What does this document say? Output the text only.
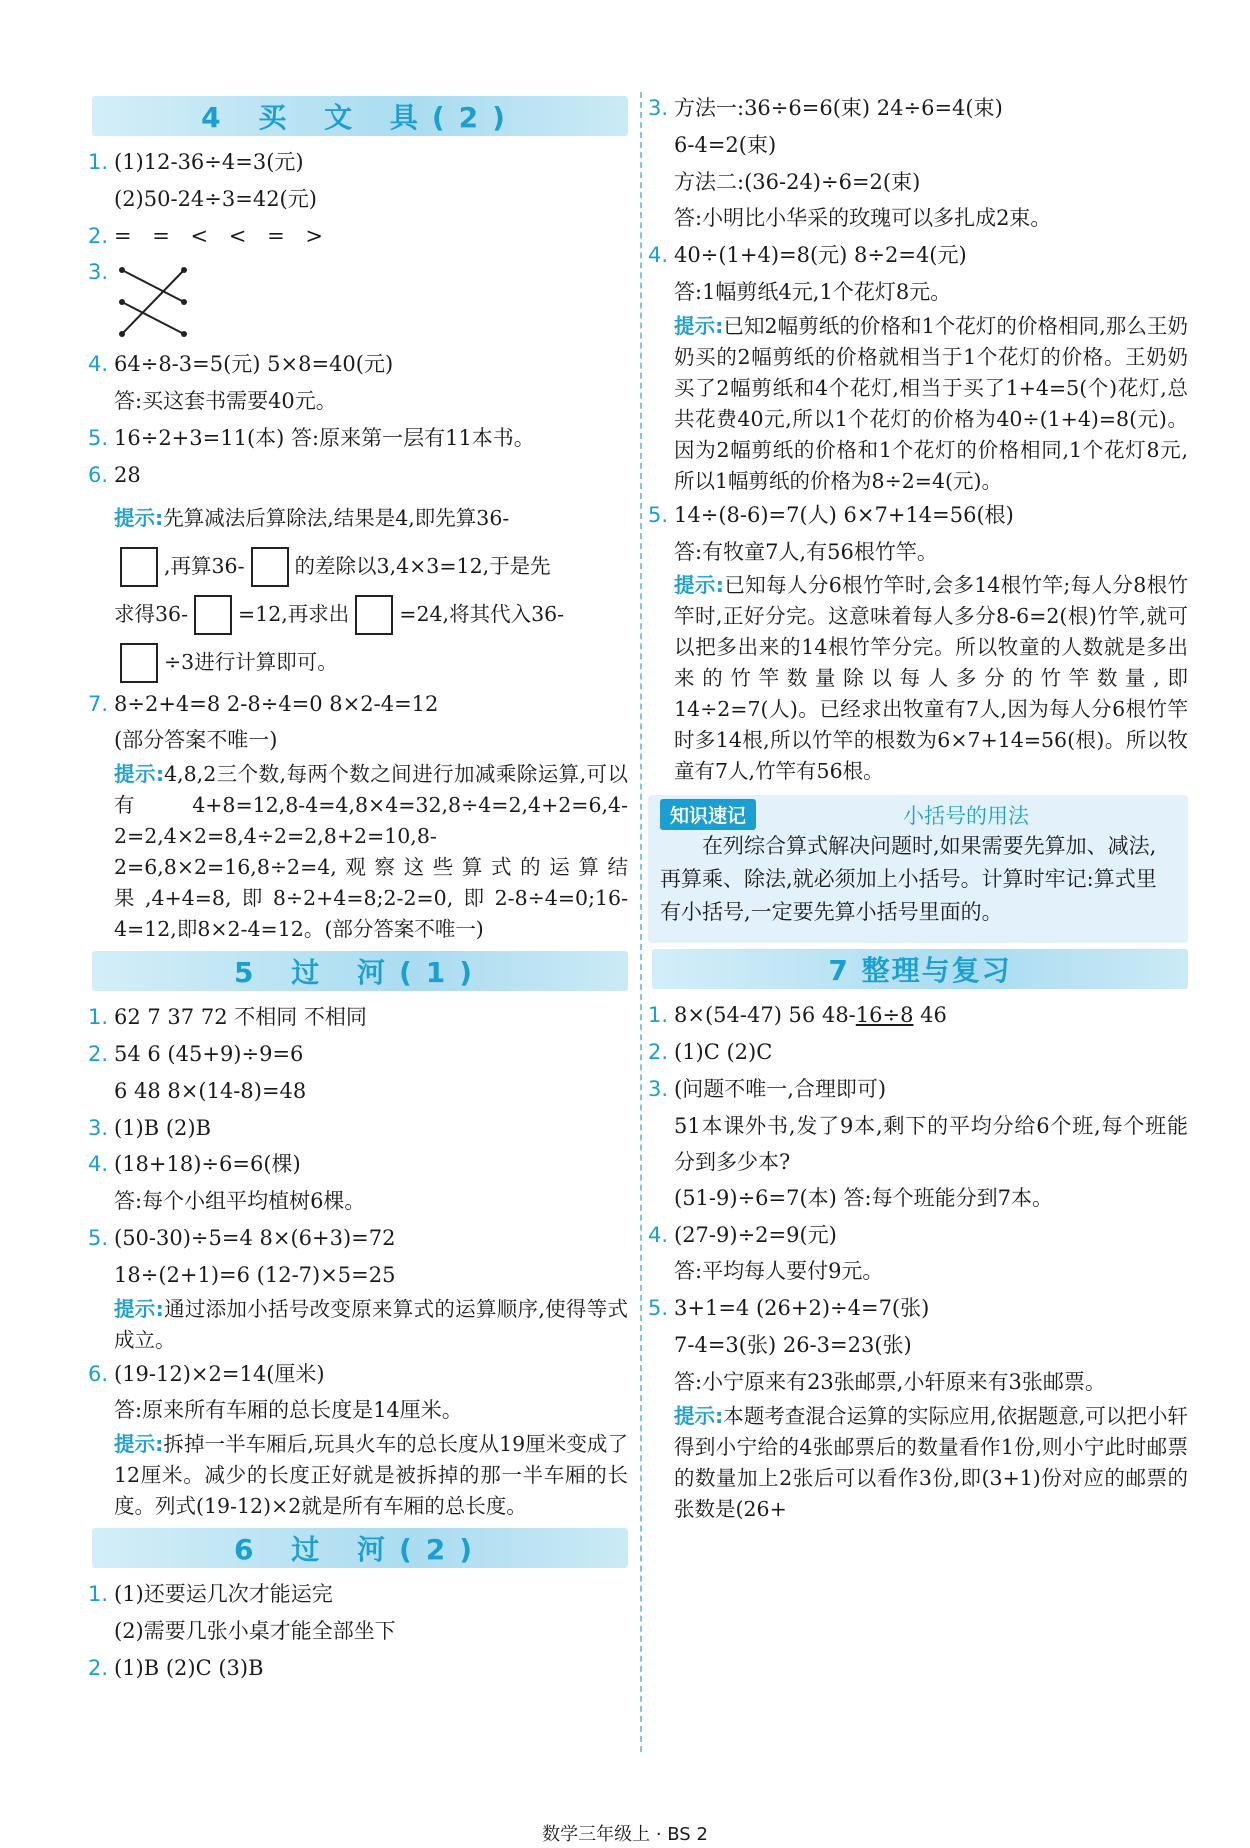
4 买 文 具(2)
1. (1)12-36÷4=3(元)
(2)50-24÷3=42(元)
2. = = < < = >
3.
4. 64÷8-3=5(元) 5×8=40(元)
答:买这套书需要40元。
5. 16÷2+3=11(本) 答:原来第一层有11本书。
6. 28
提示:先算减法后算除法,结果是4,即先算36-
,再算36- 的差除以3,4×3=12,于是先
求得36- =12,再求出 =24,将其代入36-
÷3进行计算即可。
7. 8÷2+4=8 2-8÷4=0 8×2-4=12
(部分答案不唯一)
提示:4,8,2三个数,每两个数之间进行加减乘除运算,可以有4+8=12,8-4=4,8×4=32,8÷4=2,4+2=6,4-2=2,4×2=8,4÷2=2,8+2=10,8-2=6,8×2=16,8÷2=4,观察这些算式的运算结果,4+4=8,即8÷2+4=8;2-2=0,即2-8÷4=0;16-4=12,即8×2-4=12。(部分答案不唯一)
5 过 河(1)
1. 62 7 37 72 不相同 不相同
2. 54 6 (45+9)÷9=6
6 48 8×(14-8)=48
3. (1)B (2)B
4. (18+18)÷6=6(棵)
答:每个小组平均植树6棵。
5. (50-30)÷5=4 8×(6+3)=72
18÷(2+1)=6 (12-7)×5=25
提示:通过添加小括号改变原来算式的运算顺序,使得等式成立。
6. (19-12)×2=14(厘米)
答:原来所有车厢的总长度是14厘米。
提示:拆掉一半车厢后,玩具火车的总长度从19厘米变成了12厘米。减少的长度正好就是被拆掉的那一半车厢的长度。列式(19-12)×2就是所有车厢的总长度。
6 过 河(2)
1. (1)还要运几次才能运完
(2)需要几张小桌才能全部坐下
2. (1)B (2)C (3)B
3. 方法一:36÷6=6(束) 24÷6=4(束)
6-4=2(束)
方法二:(36-24)÷6=2(束)
答:小明比小华采的玫瑰可以多扎成2束。
4. 40÷(1+4)=8(元) 8÷2=4(元)
答:1幅剪纸4元,1个花灯8元。
提示:已知2幅剪纸的价格和1个花灯的价格相同,那么王奶奶买的2幅剪纸的价格就相当于1个花灯的价格。王奶奶买了2幅剪纸和4个花灯,相当于买了1+4=5(个)花灯,总共花费40元,所以1个花灯的价格为40÷(1+4)=8(元)。因为2幅剪纸的价格和1个花灯的价格相同,1个花灯8元,所以1幅剪纸的价格为8÷2=4(元)。
5. 14÷(8-6)=7(人) 6×7+14=56(根)
答:有牧童7人,有56根竹竿。
提示:已知每人分6根竹竿时,会多14根竹竿;每人分8根竹竿时,正好分完。这意味着每人多分8-6=2(根)竹竿,就可以把多出来的14根竹竿分完。所以牧童的人数就是多出来的竹竿数量除以每人多分的竹竿数量,即14÷2=7(人)。已经求出牧童有7人,因为每人分6根竹竿时多14根,所以竹竿的根数为6×7+14=56(根)。所以牧童有7人,竹竿有56根。
知识速记	小括号的用法
在列综合算式解决问题时,如果需要先算加、减法,再算乘、除法,就必须加上小括号。计算时牢记:算式里有小括号,一定要先算小括号里面的。
7 整理与复习
1. 8×(54-47) 56 48-16÷8 46
2. (1)C (2)C
3. (问题不唯一,合理即可)
51本课外书,发了9本,剩下的平均分给6个班,每个班能分到多少本?
(51-9)÷6=7(本) 答:每个班能分到7本。
4. (27-9)÷2=9(元)
答:平均每人要付9元。
5. 3+1=4 (26+2)÷4=7(张)
7-4=3(张) 26-3=23(张)
答:小宁原来有23张邮票,小轩原来有3张邮票。
提示:本题考查混合运算的实际应用,依据题意,可以把小轩得到小宁给的4张邮票后的数量看作1份,则小宁此时邮票的数量加上2张后可以看作3份,即(3+1)份对应的邮票的张数是(26+
数学三年级上 · BS 2
